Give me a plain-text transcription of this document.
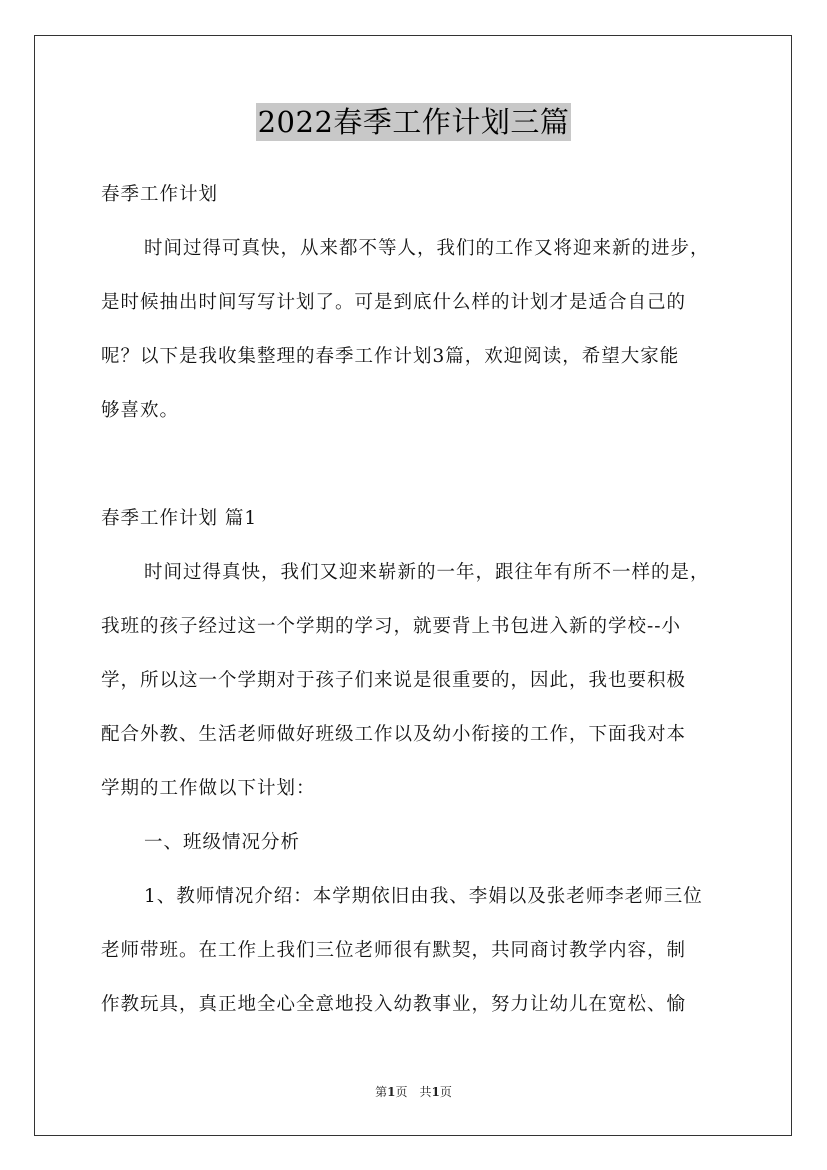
2022春季工作计划三篇
春季工作计划
时间过得可真快，从来都不等人，我们的工作又将迎来新的进步，
是时候抽出时间写写计划了。可是到底什么样的计划才是适合自己的
呢？以下是我收集整理的春季工作计划3篇，欢迎阅读，希望大家能
够喜欢。
春季工作计划 篇1
时间过得真快，我们又迎来崭新的一年，跟往年有所不一样的是，
我班的孩子经过这一个学期的学习，就要背上书包进入新的学校--小
学，所以这一个学期对于孩子们来说是很重要的，因此，我也要积极
配合外教、生活老师做好班级工作以及幼小衔接的工作，下面我对本
学期的工作做以下计划：
一、班级情况分析
1、教师情况介绍：本学期依旧由我、李娟以及张老师李老师三位
老师带班。在工作上我们三位老师很有默契，共同商讨教学内容，制
作教玩具，真正地全心全意地投入幼教事业，努力让幼儿在宽松、愉
第1页　共1页
